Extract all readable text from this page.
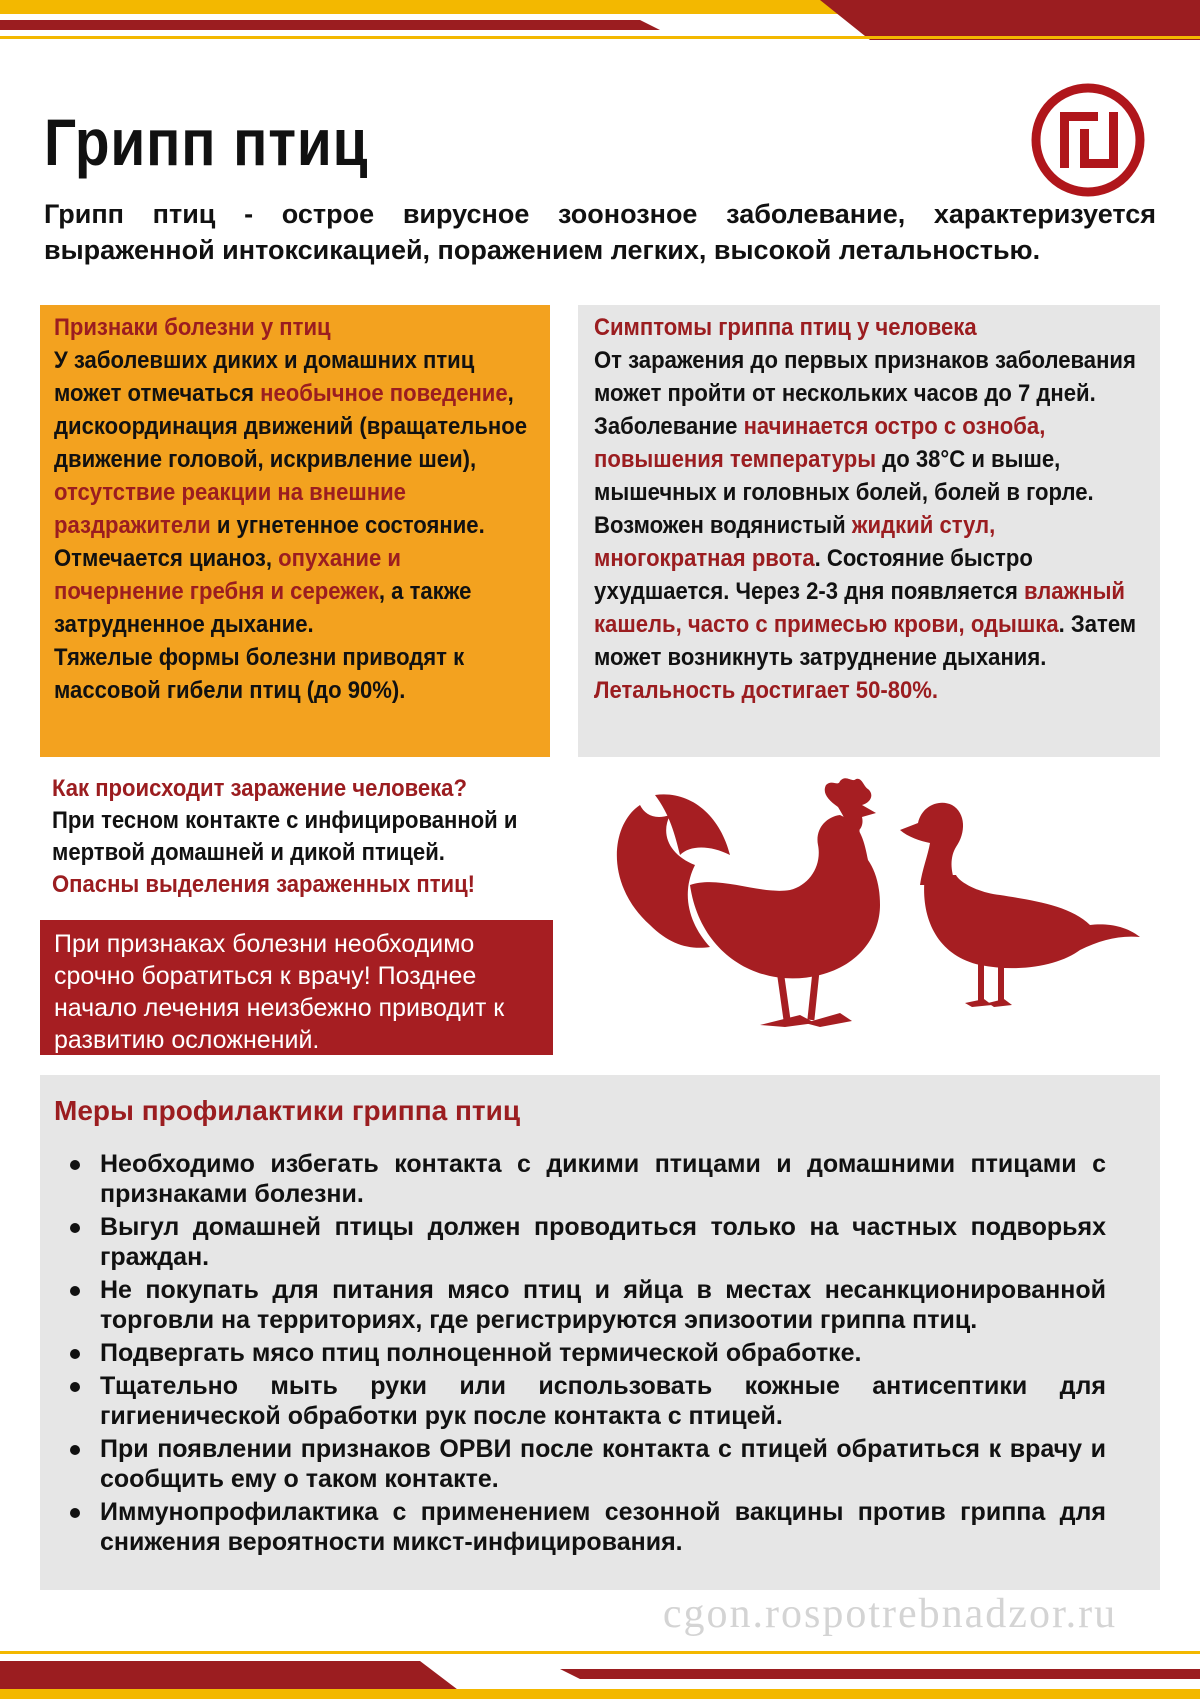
Грипп птиц
Грипп птиц - острое вирусное зоонозное заболевание, характеризуется выраженной интоксикацией, поражением легких, высокой летальностью.
Признаки болезни у птиц
У заболевших диких и домашних птиц может отмечаться необычное поведение, дискоординация движений (вращательное движение головой, искривление шеи), отсутствие реакции на внешние раздражители и угнетенное состояние. Отмечается цианоз, опухание и почернение гребня и сережек, а также затрудненное дыхание.
Тяжелые формы болезни приводят к массовой гибели птиц (до 90%).
Симптомы гриппа птиц у человека
От заражения до первых признаков заболевания может пройти от нескольких часов до 7 дней. Заболевание начинается остро с озноба, повышения температуры до 38°С и выше, мышечных и головных болей, болей в горле. Возможен водянистый жидкий стул, многократная рвота. Состояние быстро ухудшается. Через 2-3 дня появляется влажный кашель, часто с примесью крови, одышка. Затем может возникнуть затруднение дыхания.
Летальность достигает 50-80%.
Как происходит заражение человека?
При тесном контакте с инфицированной и мертвой домашней и дикой птицей.
Опасны выделения зараженных птиц!
При признаках болезни необходимо срочно боратиться к врачу! Позднее начало лечения неизбежно приводит к развитию осложнений.
Меры профилактики гриппа птиц
Необходимо избегать контакта с дикими птицами и домашними птицами с признаками болезни.
Выгул домашней птицы должен проводиться только на частных подворьях граждан.
Не покупать для питания мясо птиц и яйца в местах несанкционированной торговли на территориях, где регистрируются эпизоотии гриппа птиц.
Подвергать мясо птиц полноценной термической обработке.
Тщательно мыть руки или использовать кожные антисептики для гигиенической обработки рук после контакта с птицей.
При появлении признаков ОРВИ после контакта с птицей обратиться к врачу и сообщить ему о таком контакте.
Иммунопрофилактика с применением сезонной вакцины против гриппа для снижения вероятности микст-инфицирования.
cgon.rospotrebnadzor.ru
